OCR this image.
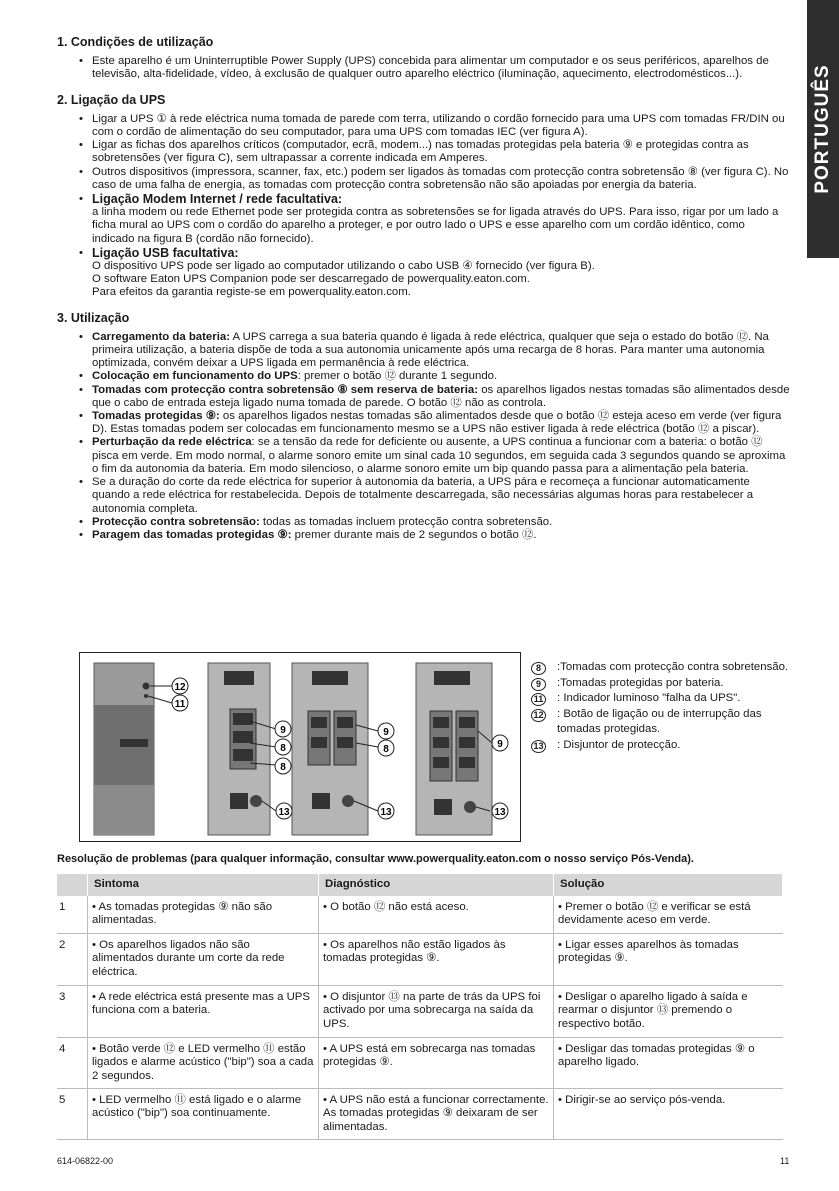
PORTUGUÊS
1. Condições de utilização
• Este aparelho é um Uninterruptible Power Supply (UPS) concebida para alimentar um computador e os seus periféricos, aparelhos de televisão, alta-fidelidade, vídeo, à exclusão de qualquer outro aparelho eléctrico (iluminação, aquecimento, electrodomésticos...).
2. Ligação da UPS
• Ligar a UPS ① à rede eléctrica numa tomada de parede com terra, utilizando o cordão fornecido para uma UPS com tomadas FR/DIN ou com o cordão de alimentação do seu computador, para uma UPS com tomadas IEC (ver figura A).
• Ligar as fichas dos aparelhos críticos (computador, ecrã, modem...) nas tomadas protegidas pela bateria ⑨ e protegidas contra as sobretensões (ver figura C), sem ultrapassar a corrente indicada em Amperes.
• Outros dispositivos (impressora, scanner, fax, etc.) podem ser ligados às tomadas com protecção contra sobretensão ⑧ (ver figura C). No caso de uma falha de energia, as tomadas com protecção contra sobretensão não são apoiadas por energia da bateria.
• Ligação Modem Internet / rede facultativa:
a linha modem ou rede Ethernet pode ser protegida contra as sobretensões se for ligada através do UPS. Para isso, rigar por um lado a ficha mural ao UPS com o cordão do aparelho a proteger, e por outro lado o UPS e esse aparelho com um cordão idêntico, como indicado na figura B (cordão não fornecido).
• Ligação USB facultativa:
O dispositivo UPS pode ser ligado ao computador utilizando o cabo USB ④ fornecido (ver figura B).
O software Eaton UPS Companion pode ser descarregado de powerquality.eaton.com.
Para efeitos da garantia registe-se em powerquality.eaton.com.
3. Utilização
• Carregamento da bateria: A UPS carrega a sua bateria quando é ligada à rede eléctrica, qualquer que seja o estado do botão ⑫. Na primeira utilização, a bateria dispõe de toda a sua autonomia unicamente após uma recarga de 8 horas. Para manter uma autonomia optimizada, convém deixar a UPS ligada em permanência à rede eléctrica.
• Colocação em funcionamento do UPS: premer o botão ⑫ durante 1 segundo.
• Tomadas com protecção contra sobretensão ⑧ sem reserva de bateria: os aparelhos ligados nestas tomadas são alimentados desde que o cabo de entrada esteja ligado numa tomada de parede. O botão ⑫ não as controla.
• Tomadas protegidas ⑨: os aparelhos ligados nestas tomadas são alimentados desde que o botão ⑫ esteja aceso em verde (ver figura D). Estas tomadas podem ser colocadas em funcionamento mesmo se a UPS não estiver ligada à rede eléctrica (botão ⑫ a piscar).
• Perturbação da rede eléctrica: se a tensão da rede for deficiente ou ausente, a UPS continua a funcionar com a bateria: o botão ⑫ pisca em verde. Em modo normal, o alarme sonoro emite um sinal cada 10 segundos, em seguida cada 3 segundos quando se aproxima o fim da autonomia da bateria. Em modo silencioso, o alarme sonoro emite um bip quando passa para a alimentação pela bateria.
• Se a duração do corte da rede eléctrica for superior à autonomia da bateria, a UPS pára e recomeça a funcionar automaticamente quando a rede eléctrica for restabelecida. Depois de totalmente descarregada, são necessárias algumas horas para restabelecer a autonomia completa.
• Protecção contra sobretensão: todas as tomadas incluem protecção contra sobretensão.
• Paragem das tomadas protegidas ⑨: premer durante mais de 2 segundos o botão ⑫.
12
11
9
8
8
9
8	9
13	13	13
8	:Tomadas com protecção contra sobretensão.
9	:Tomadas protegidas por bateria.
11	: Indicador luminoso "falha da UPS".
12	: Botão de ligação ou de interrupção das tomadas protegidas.
13	: Disjuntor de protecção.
Resolução de problemas (para qualquer informação, consultar www.powerquality.eaton.com o nosso serviço Pós-Venda).
	Sintoma	Diagnóstico	Solução
1	• As tomadas protegidas ⑨ não são alimentadas.	• O botão ⑫ não está aceso.	• Premer o botão ⑫ e verificar se está devidamente aceso em verde.
2	• Os aparelhos ligados não são alimentados durante um corte da rede eléctrica.	• Os aparelhos não estão ligados às tomadas protegidas ⑨.	• Ligar esses aparelhos às tomadas protegidas ⑨.
3	• A rede eléctrica está presente mas a UPS funciona com a bateria.	• O disjuntor ⑬ na parte de trás da UPS foi activado por uma sobrecarga na saída da UPS.	• Desligar o aparelho ligado à saída e rearmar o disjuntor ⑬ premendo o respectivo botão.
4	• Botão verde ⑫ e LED vermelho ⑪ estão ligados e alarme acústico ("bip") soa a cada 2 segundos.	• A UPS está em sobrecarga nas tomadas protegidas ⑨.	• Desligar das tomadas protegidas ⑨ o aparelho ligado.
5	• LED vermelho ⑪ está ligado e o alarme acústico ("bip") soa continuamente.	• A UPS não está a funcionar correctamente. As tomadas protegidas ⑨ deixaram de ser alimentadas.	• Dirigir-se ao serviço pós-venda.
614-06822-00	11
